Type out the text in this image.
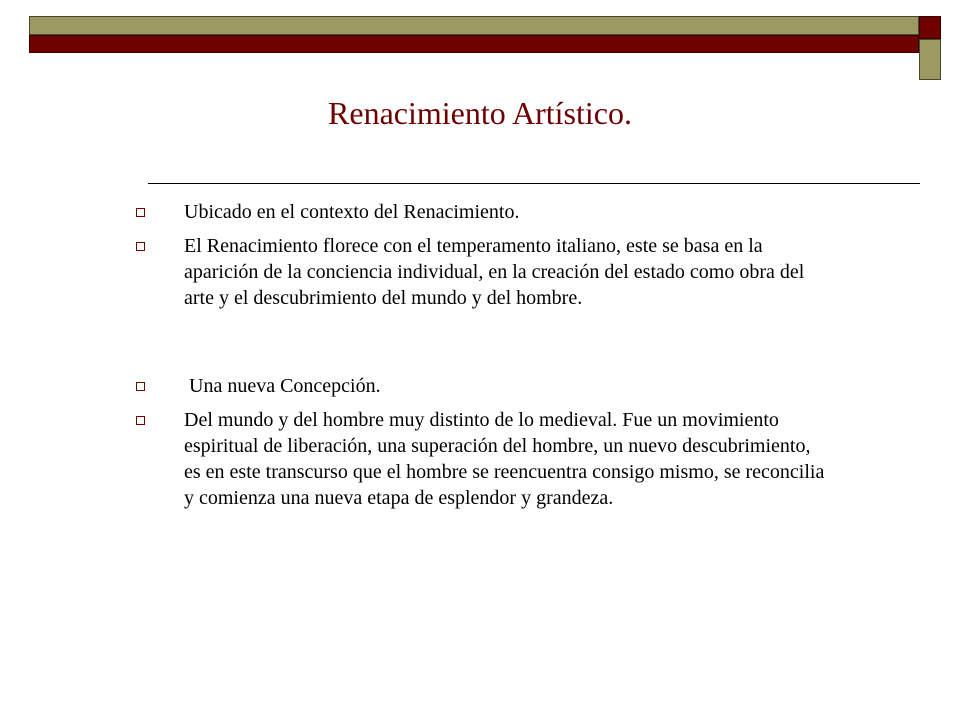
Renacimiento Artístico.
Ubicado en el contexto del Renacimiento.
El Renacimiento florece con el temperamento italiano, este se basa en la aparición de la conciencia individual, en la creación del estado como obra del arte y el descubrimiento del mundo y del hombre.
Una nueva Concepción.
Del mundo y del hombre muy distinto de lo medieval. Fue un movimiento espiritual de liberación, una superación del hombre, un nuevo descubrimiento, es en este transcurso que el hombre se reencuentra consigo mismo, se reconcilia y comienza una nueva etapa de esplendor y grandeza.
